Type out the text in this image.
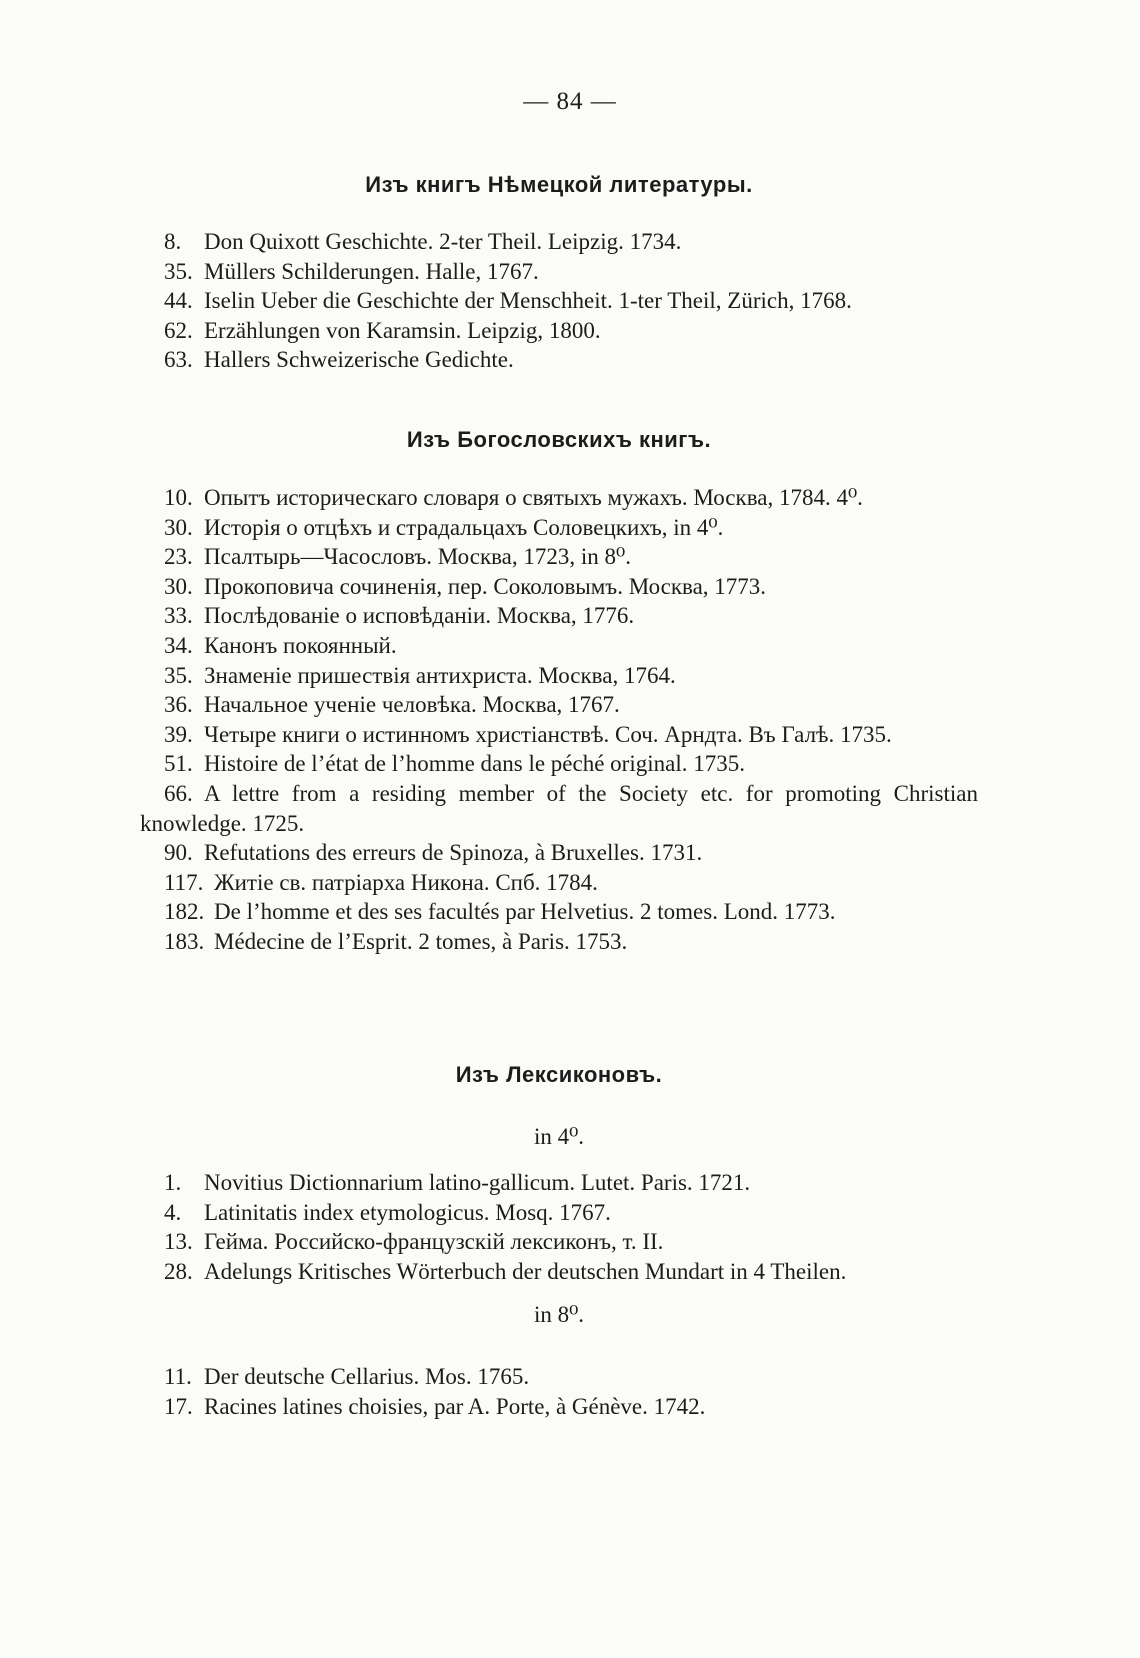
— 84 —
Изъ книгъ Нѣмецкой литературы.

8. Don Quixott Geschichte. 2-ter Theil. Leipzig. 1734.

35. Müllers Schilderungen. Halle, 1767.

44. Iselin Ueber die Geschichte der Menschheit. 1-ter Theil, Zürich, 1768.

62. Erzählungen von Karamsin. Leipzig, 1800.

63. Hallers Schweizerische Gedichte.

Изъ Богословскихъ книгъ.

10. Опытъ историческаго словаря о святыхъ мужахъ. Москва, 1784. 4⁰.

30. Исторія о отцѣхъ и страдальцахъ Соловецкихъ, in 4⁰.

23. Псалтырь—Часословъ. Москва, 1723, in 8⁰.

30. Прокоповича сочиненія, пер. Соколовымъ. Москва, 1773.

33. Послѣдованіе о исповѣданіи. Москва, 1776.

34. Канонъ покоянный.

35. Знаменіе пришествія антихриста. Москва, 1764.

36. Начальное ученіе человѣка. Москва, 1767.

39. Четыре книги о истинномъ христіанствѣ. Соч. Арндта. Въ Галѣ. 1735.

51. Histoire de l’état de l’homme dans le péché original. 1735.

66. A lettre from a residing member of the Society etc. for promoting Christian knowledge. 1725.

90. Refutations des erreurs de Spinoza, à Bruxelles. 1731.

117. Житіе св. патріарха Никона. Спб. 1784.

182. De l’homme et des ses facultés par Helvetius. 2 tomes. Lond. 1773.

183. Médecine de l’Esprit. 2 tomes, à Paris. 1753.

Изъ Лексиконовъ.

in 4⁰.

1. Novitius Dictionnarium latino-gallicum. Lutet. Paris. 1721.

4. Latinitatis index etymologicus. Mosq. 1767.

13. Гейма. Российско-французскій лексиконъ, т. II.

28. Adelungs Kritisches Wörterbuch der deutschen Mundart in 4 Theilen.

in 8⁰.

11. Der deutsche Cellarius. Mos. 1765.

17. Racines latines choisies, par A. Porte, à Génève. 1742.
